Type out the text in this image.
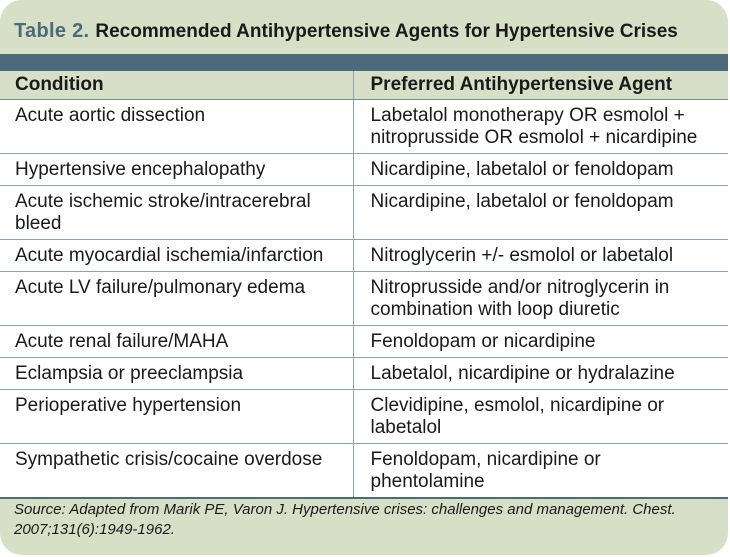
Table 2. Recommended Antihypertensive Agents for Hypertensive Crises
Condition	Preferred Antihypertensive Agent
Acute aortic dissection	Labetalol monotherapy OR esmolol + nitroprusside OR esmolol + nicardipine
Hypertensive encephalopathy	Nicardipine, labetalol or fenoldopam
Acute ischemic stroke/intracerebral bleed	Nicardipine, labetalol or fenoldopam
Acute myocardial ischemia/infarction	Nitroglycerin +/- esmolol or labetalol
Acute LV failure/pulmonary edema	Nitroprusside and/or nitroglycerin in combination with loop diuretic
Acute renal failure/MAHA	Fenoldopam or nicardipine
Eclampsia or preeclampsia	Labetalol, nicardipine or hydralazine
Perioperative hypertension	Clevidipine, esmolol, nicardipine or labetalol
Sympathetic crisis/cocaine overdose	Fenoldopam, nicardipine or phentolamine
Source: Adapted from Marik PE, Varon J. Hypertensive crises: challenges and management. Chest. 2007;131(6):1949-1962.
